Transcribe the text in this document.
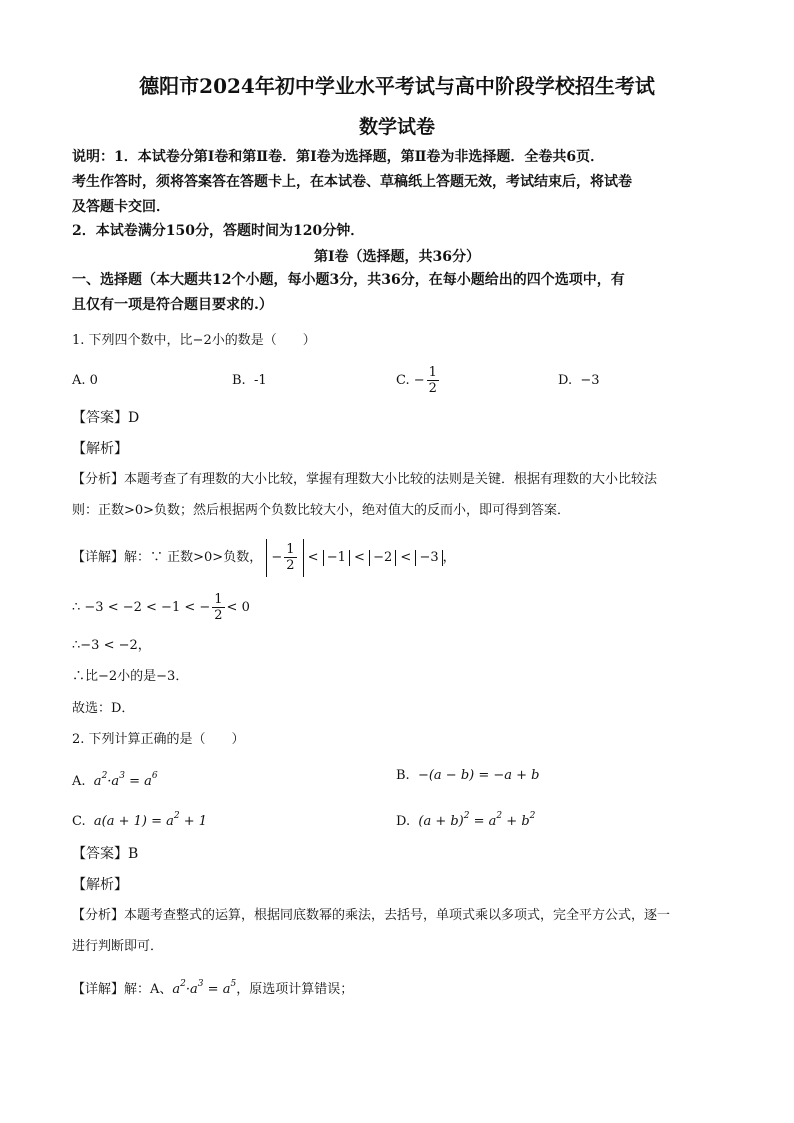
德阳市2024年初中学业水平考试与高中阶段学校招生考试
数学试卷
说明：1．本试卷分第Ⅰ卷和第Ⅱ卷．第Ⅰ卷为选择题，第Ⅱ卷为非选择题．全卷共6页．
考生作答时，须将答案答在答题卡上，在本试卷、草稿纸上答题无效，考试结束后，将试卷
及答题卡交回．
2．本试卷满分150分，答题时间为120分钟．
第Ⅰ卷（选择题，共36分）
一、选择题（本大题共12个小题，每小题3分，共36分，在每小题给出的四个选项中，有
且仅有一项是符合题目要求的.）
1. 下列四个数中，比−2小的数是（　　）
A. 0	B. -1	C. − $\frac{1}{2}$	D. −3
【答案】D
【解析】
【分析】本题考查了有理数的大小比较，掌握有理数大小比较的法则是关键．根据有理数的大小比较法
则：正数>0>负数；然后根据两个负数比较大小，绝对值大的反而小，即可得到答案．
【详解】解：∵ 正数>0>负数， − $\frac{1}{2} < -1 < -2 < -3$ ，
∴ −3 < −2 < −1 < − $\frac{1}{2} < 0$
∴−3 < −2，
∴比−2小的是−3．
故选：D．
2. 下列计算正确的是（　　）
A. $a^2\cdot a^3 = a^6$	B. −(a − b) = −a + b
C. $a(a + 1) = a^2 + 1$	D. $(a + b)^2 = a^2 + b^2$
【答案】B
【解析】
【分析】本题考查整式的运算，根据同底数幂的乘法，去括号，单项式乘以多项式，完全平方公式，逐一
进行判断即可．
【详解】解：A、$a^2\cdot a^3 = a^5$，原选项计算错误；
